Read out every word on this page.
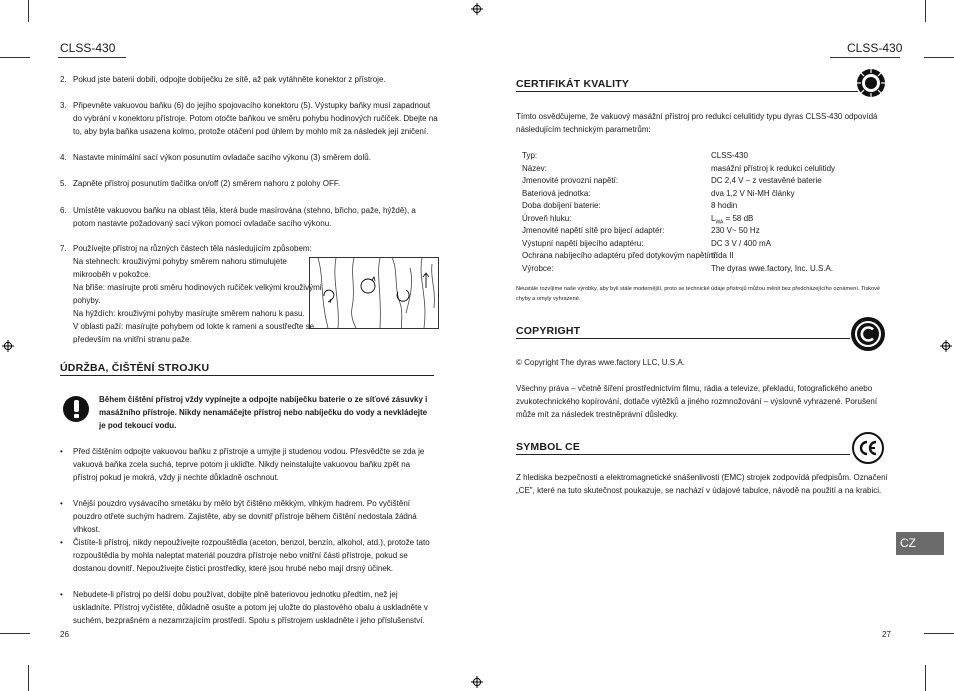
CLSS-430
2. Pokud jste baterii dobili, odpojte dobíječku ze sítě, až pak vytáhněte konektor z přístroje.
3. Připevněte vakuovou baňku (6) do jejího spojovacího konektoru (5). Výstupky baňky musí zapadnout do vybrání v konektoru přístroje. Potom otočte baňkou ve směru pohybu hodinových ručiček. Dbejte na to, aby byla baňka usazena kolmo, protože otáčení pod úhlem by mohlo mít za následek její zničení.
4. Nastavte minimální sací výkon posunutím ovladače sacího výkonu (3) směrem dolů.
5. Zapněte přístroj posunutím tlačítka on/off (2) směrem nahoru z polohy OFF.
6. Umístěte vakuovou baňku na oblast těla, která bude masírována (stehno, břicho, paže, hýždě), a potom nastavte požadovaný sací výkon pomocí ovladače sacího výkonu.
7. Používejte přístroj na různých částech těla následujícím způsobem:
Na stehnech: krouživými pohyby směrem nahoru stimulujete
mikrooběh v pokožce.
Na břiše: masírujte proti směru hodinových ručiček velkými krouživými
pohyby.
Na hýždích: krouživými pohyby masírujte směrem nahoru k pasu.
V oblasti paží: masírujte pohybem od lokte k rameni a soustřeďte se
především na vnitřní stranu paže.
ÚDRŽBA, ČIŠTĚNÍ STROJKU
Během čištění přístroj vždy vypínejte a odpojte nabíječku baterie o ze síťové zásuvky i masážního přístroje. Nikdy nenamáčejte přístroj nebo nabíječku do vody a nevkládejte je pod tekoucí vodu.
• Před čištěním odpojte vakuovou baňku z přístroje a umyjte ji studenou vodou. Přesvědčte se zda je vakuová baňka zcela suchá, teprve potom ji ukliďte. Nikdy neinstalujte vakuovou baňku zpět na přístroj pokud je mokrá, vždy ji nechte důkladně oschnout.
• Vnější pouzdro vysávacího smetáku by mělo být čištěno měkkým, vlhkým hadrem. Po vyčištění pouzdro otřete suchým hadrem. Zajistěte, aby se dovnitř přístroje během čištění nedostala žádná vlhkost.
• Čistíte-li přístroj, nikdy nepoužívejte rozpouštědla (aceton, benzol, benzín, alkohol, atd.), protože tato rozpouštědla by mohla naleptat materiál pouzdra přístroje nebo vnitřní části přístroje, pokud se dostanou dovnitř. Nepoužívejte čisticí prostředky, které jsou hrubé nebo mají drsný účinek.
• Nebudete-li přístroj po delší dobu používat, dobijte plně bateriovou jednotku předtím, než jej uskladníte. Přístroj vyčistěte, důkladně osušte a potom jej uložte do plastového obalu a uskladněte v suchém, bezprašném a nezamrzajícím prostředí. Spolu s přístrojem uskladněte i jeho příslušenství.
26
CLSS-430
CERTIFIKÁT KVALITY
Tímto osvědčujeme, že vakuový masážní přístroj pro redukci celulitidy typu dyras CLSS-430 odpovídá následujícím technickým parametrům:
Typ:	CLSS-430
Název:	masážní přístroj k redukci celulitidy
Jmenovité provozní napětí:	DC 2,4 V – z vestavěné baterie
Bateriová jednotka:	dva 1,2 V Ni-MH články
Doba dobíjení baterie:	8 hodin
Úroveň hluku:	$L_{WA} = 58$ dB
Jmenovité napětí sítě pro bijecí adaptér:	230 V~ 50 Hz
Výstupní napětí bijecího adaptéru:	DC 3 V / 400 mA
Ochrana nabíjecího adaptéru před dotykovým napětím:
třída II
Výrobce:	The dyras wwe.factory, Inc. U.S.A.
Neustále rozvíjíme naše výrobky, aby byli stále modernější, proto se technické údaje přístrojů můžou měnit bez předcházejícího oznámení. Tiskové chyby a omyly vyhrazené.
COPYRIGHT
© Copyright The dyras wwe.factory LLC, U.S.A.
Všechny práva – včetně šíření prostřednictvím filmu, rádia a televize, překladu, fotografického anebo zvukotechnického kopírování, dotlače výtěžků a jiného rozmnožování – výslovně vyhrazené. Porušení může mít za následek trestněprávní důsledky.
SYMBOL CE
Z hlediska bezpečnosti a elektromagnetické snášenlivosti (EMC) strojek zodpovídá předpisům. Označení „CE", které na tuto skutečnost poukazuje, se nachází v údajové tabulce, návodě na použití a na krabici.
CZ
27
